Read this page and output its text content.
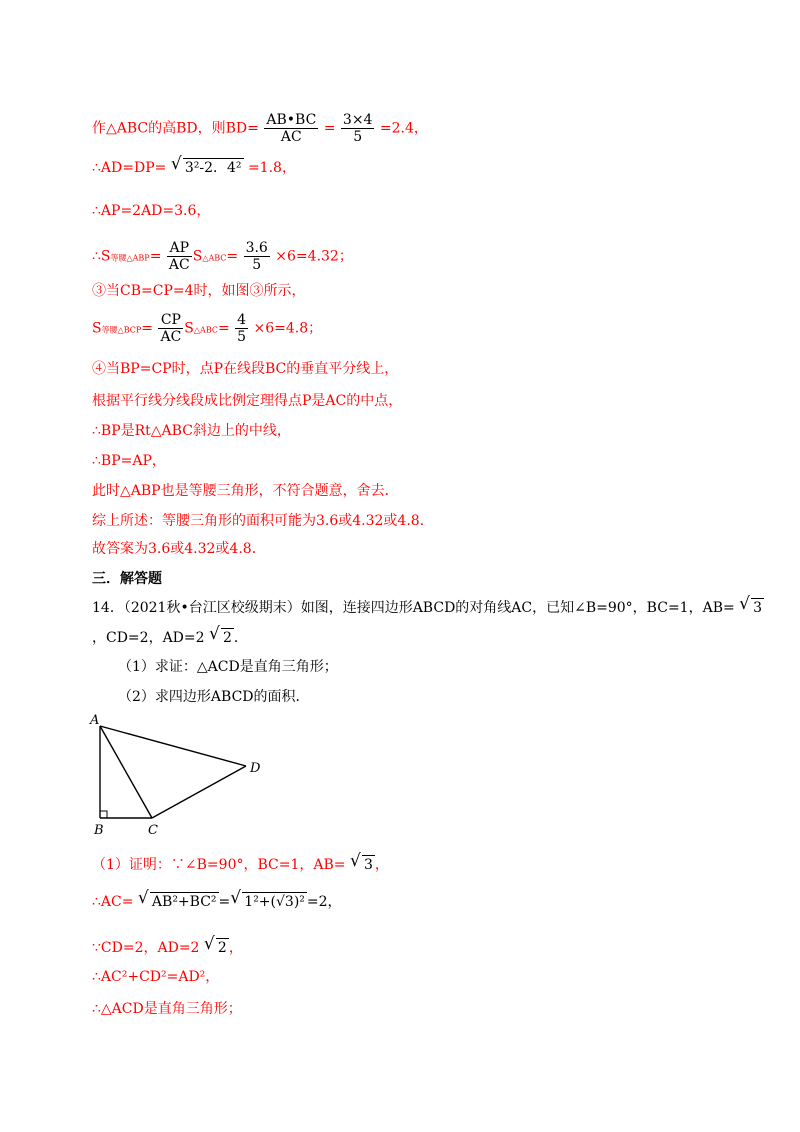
作△ABC的高BD，则$BD= \frac{AB•BC}{AC} = \frac{3\times 4}{5} =2.4$，
∴AD=DP= √ 3²-2．4² =1.8，
∴AP=2AD=3.6，
∴S等腰△ABP= $\frac{AP}{AC}$ S△ABC= $\frac{3.6}{5} \times 6=4.32$；
③当CB=CP=4时，如图③所示，
S等腰△BCP= $\frac{CP}{AC}$ S△ABC= $\frac{4}{5} \times 6=4.8$；
④当BP=CP时，点P在线段BC的垂直平分线上，
根据平行线分线段成比例定理得点P是AC的中点，
∴BP是Rt△ABC斜边上的中线，
∴BP=AP，
此时△ABP也是等腰三角形，不符合题意，舍去．
综上所述：等腰三角形的面积可能为3.6或4.32或4.8．
故答案为3.6或4.32或4.8．
三．解答题
14．（2021秋•台江区校级期末）如图，连接四边形ABCD的对角线AC，已知∠B=90°，BC=1，AB= √ 3
，CD=2，AD=2 √ 2 ．
（1）求证：△ACD是直角三角形；
（2）求四边形ABCD的面积．
A
B	C
D
（1）证明：∵∠B=90°，BC=1，AB= √ 3 ，
∴AC= √ AB²+BC² = √ 1²+(√3)² =2，
∵CD=2，AD=2 √ 2 ，
∴AC²+CD²=AD²，
∴△ACD是直角三角形；
